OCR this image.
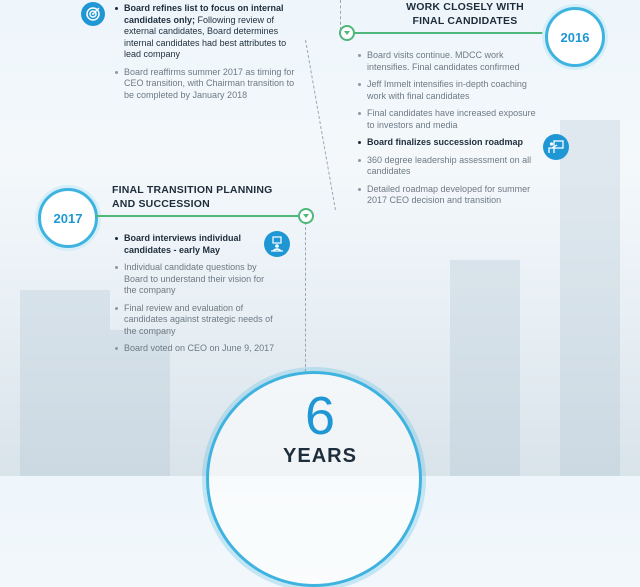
Board refines list to focus on internal candidates only; Following review of external candidates, Board determines internal candidates had best attributes to lead company
Board reaffirms summer 2017 as timing for CEO transition, with Chairman transition to be completed by January 2018
WORK CLOSELY WITH
FINAL CANDIDATES
2016
Board visits continue. MDCC work intensifies. Final candidates confirmed
Jeff Immelt intensifies in-depth coaching work with final candidates
Final candidates have increased exposure to investors and media
Board finalizes succession roadmap
360 degree leadership assessment on all candidates
Detailed roadmap developed for summer 2017 CEO decision and transition
2017
FINAL TRANSITION PLANNING
AND SUCCESSION
Board interviews individual candidates - early May
Individual candidate questions by Board to understand their vision for the company
Final review and evaluation of candidates against strategic needs of the company
Board voted on CEO on June 9, 2017
6
YEARS
